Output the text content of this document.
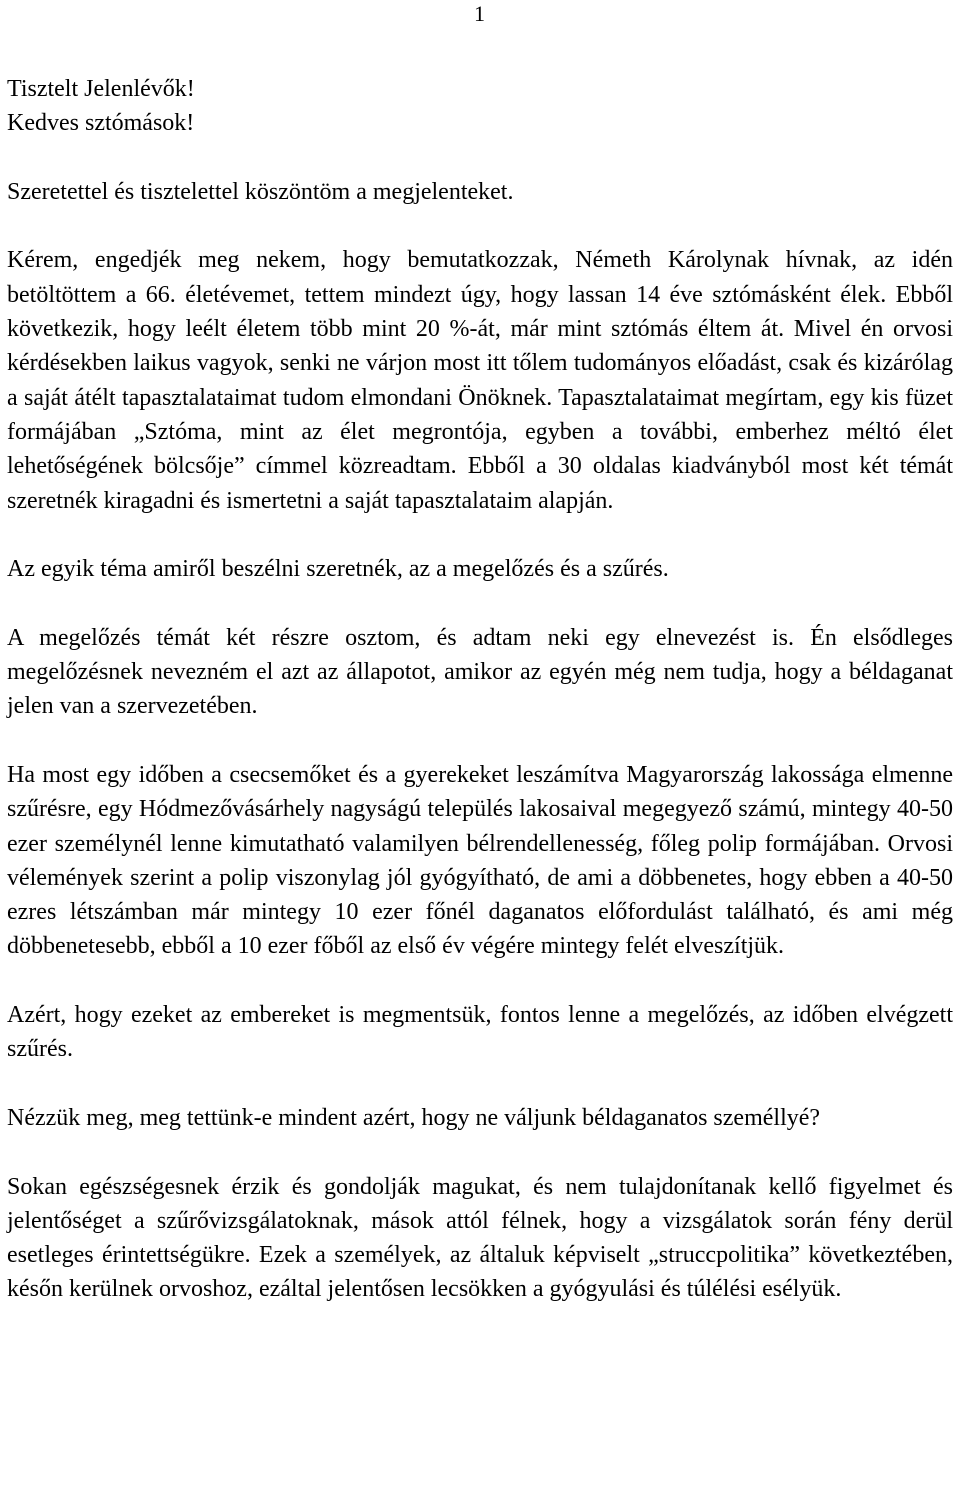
1

Tisztelt Jelenlévők!

Kedves sztómások!

Szeretettel és tisztelettel köszöntöm a megjelenteket.

Kérem, engedjék meg nekem, hogy bemutatkozzak, Németh Károlynak hívnak, az idén betöltöttem a 66. életévemet, tettem mindezt úgy, hogy lassan 14 éve sztómásként élek. Ebből következik, hogy leélt életem több mint 20 %-át, már mint sztómás éltem át. Mivel én orvosi kérdésekben laikus vagyok, senki ne várjon most itt tőlem tudományos előadást, csak és kizárólag a saját átélt tapasztalataimat tudom elmondani Önöknek. Tapasztalataimat megírtam, egy kis füzet formájában „Sztóma, mint az élet megrontója, egyben a további, emberhez méltó élet lehetőségének bölcsője” címmel közreadtam. Ebből a 30 oldalas kiadványból most két témát szeretnék kiragadni és ismertetni a saját tapasztalataim alapján.

Az egyik téma amiről beszélni szeretnék, az a megelőzés és a szűrés.

A megelőzés témát két részre osztom, és adtam neki egy elnevezést is. Én elsődleges megelőzésnek nevezném el azt az állapotot, amikor az egyén még nem tudja, hogy a béldaganat jelen van a szervezetében.

Ha most egy időben a csecsemőket és a gyerekeket leszámítva Magyarország lakossága elmenne szűrésre, egy Hódmezővásárhely nagyságú település lakosaival megegyező számú, mintegy 40-50 ezer személynél lenne kimutatható valamilyen bélrendellenesség, főleg polip formájában. Orvosi vélemények szerint a polip viszonylag jól gyógyítható, de ami a döbbenetes, hogy ebben a 40-50 ezres létszámban már mintegy 10 ezer főnél daganatos előfordulást található, és ami még döbbenetesebb, ebből a 10 ezer főből az első év végére mintegy felét elveszítjük.

Azért, hogy ezeket az embereket is megmentsük, fontos lenne a megelőzés, az időben elvégzett szűrés.

Nézzük meg, meg tettünk-e mindent azért, hogy ne váljunk béldaganatos személlyé?

Sokan egészségesnek érzik és gondolják magukat, és nem tulajdonítanak kellő figyelmet és jelentőséget a szűrővizsgálatoknak, mások attól félnek, hogy a vizsgálatok során fény derül esetleges érintettségükre. Ezek a személyek, az általuk képviselt „struccpolitika” következtében, későn kerülnek orvoshoz, ezáltal jelentősen lecsökken a gyógyulási és túlélési esélyük.
